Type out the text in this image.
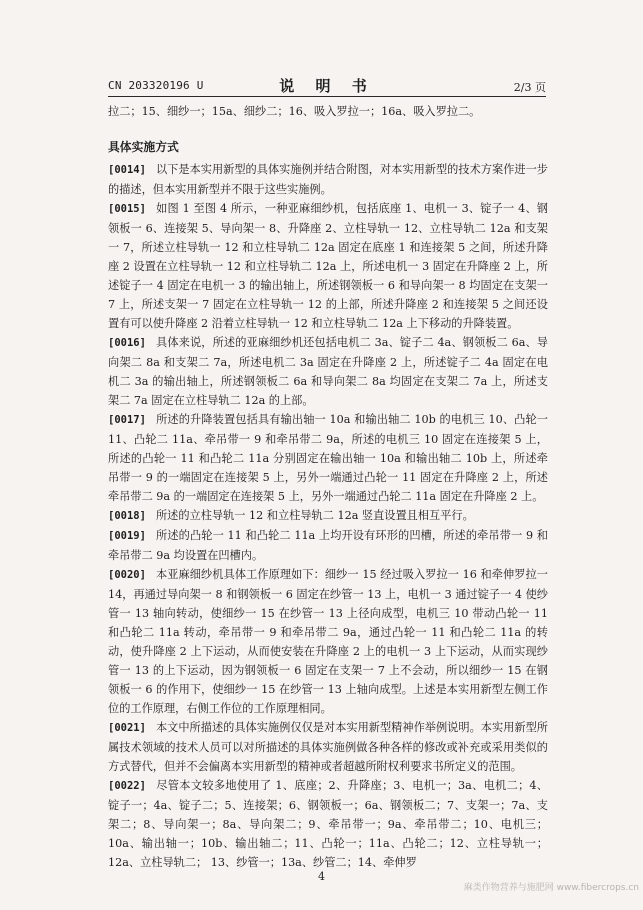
CN 203320196 U	说 明 书	2/3 页

拉二；15、细纱一；15a、细纱二；16、吸入罗拉一；16a、吸入罗拉二。

具体实施方式

[0014] 以下是本实用新型的具体实施例并结合附图，对本实用新型的技术方案作进一步的描述，但本实用新型并不限于这些实施例。

[0015] 如图 1 至图 4 所示，一种亚麻细纱机，包括底座 1、电机一 3、锭子一 4、钢领板一 6、连接架 5、导向架一 8、升降座 2、立柱导轨一 12、立柱导轨二 12a 和支架一 7，所述立柱导轨一 12 和立柱导轨二 12a 固定在底座 1 和连接架 5 之间，所述升降座 2 设置在立柱导轨一 12 和立柱导轨二 12a 上，所述电机一 3 固定在升降座 2 上，所述锭子一 4 固定在电机一 3 的输出轴上，所述钢领板一 6 和导向架一 8 均固定在支架一 7 上，所述支架一 7 固定在立柱导轨一 12 的上部，所述升降座 2 和连接架 5 之间还设置有可以使升降座 2 沿着立柱导轨一 12 和立柱导轨二 12a 上下移动的升降装置。

[0016] 具体来说，所述的亚麻细纱机还包括电机二 3a、锭子二 4a、钢领板二 6a、导向架二 8a 和支架二 7a，所述电机二 3a 固定在升降座 2 上，所述锭子二 4a 固定在电机二 3a 的输出轴上，所述钢领板二 6a 和导向架二 8a 均固定在支架二 7a 上，所述支架二 7a 固定在立柱导轨二 12a 的上部。

[0017] 所述的升降装置包括具有输出轴一 10a 和输出轴二 10b 的电机三 10、凸轮一 11、凸轮二 11a、牵吊带一 9 和牵吊带二 9a，所述的电机三 10 固定在连接架 5 上，所述的凸轮一 11 和凸轮二 11a 分别固定在输出轴一 10a 和输出轴二 10b 上，所述牵吊带一 9 的一端固定在连接架 5 上，另外一端通过凸轮一 11 固定在升降座 2 上，所述牵吊带二 9a 的一端固定在连接架 5 上，另外一端通过凸轮二 11a 固定在升降座 2 上。

[0018] 所述的立柱导轨一 12 和立柱导轨二 12a 竖直设置且相互平行。

[0019] 所述的凸轮一 11 和凸轮二 11a 上均开设有环形的凹槽，所述的牵吊带一 9 和牵吊带二 9a 均设置在凹槽内。

[0020] 本亚麻细纱机具体工作原理如下：细纱一 15 经过吸入罗拉一 16 和牵伸罗拉一 14，再通过导向架一 8 和钢领板一 6 固定在纱管一 13 上，电机一 3 通过锭子一 4 使纱管一 13 轴向转动，使细纱一 15 在纱管一 13 上径向成型，电机三 10 带动凸轮一 11 和凸轮二 11a 转动，牵吊带一 9 和牵吊带二 9a，通过凸轮一 11 和凸轮二 11a 的转动，使升降座 2 上下运动，从而使安装在升降座 2 上的电机一 3 上下运动，从而实现纱管一 13 的上下运动，因为钢领板一 6 固定在支架一 7 上不会动，所以细纱一 15 在钢领板一 6 的作用下，使细纱一 15 在纱管一 13 上轴向成型。上述是本实用新型左侧工作位的工作原理，右侧工作位的工作原理相同。

[0021] 本文中所描述的具体实施例仅仅是对本实用新型精神作举例说明。本实用新型所属技术领域的技术人员可以对所描述的具体实施例做各种各样的修改或补充或采用类似的方式替代，但并不会偏离本实用新型的精神或者超越所附权利要求书所定义的范围。

[0022] 尽管本文较多地使用了 1、底座；2、升降座；3、电机一；3a、电机二；4、锭子一；4a、锭子二；5、连接架；6、钢领板一；6a、钢领板二；7、支架一；7a、支架二；8、导向架一；8a、导向架二；9、牵吊带一；9a、牵吊带二；10、电机三；10a、输出轴一；10b、输出轴二；11、凸轮一；11a、凸轮二；12、立柱导轨一；12a、立柱导轨二； 13、纱管一；13a、纱管二；14、牵伸罗

4
麻类作物营养与施肥网 www.fibercrops.cn
